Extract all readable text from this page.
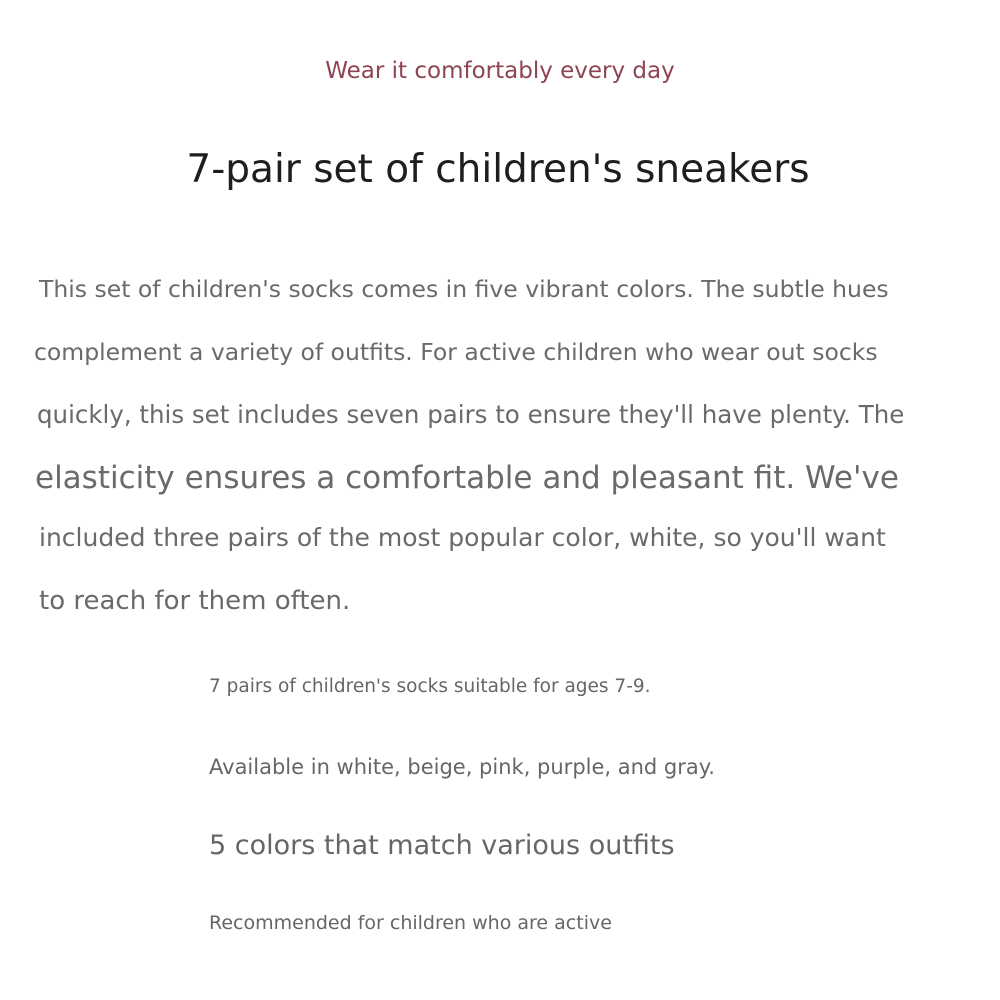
Wear it comfortably every day
7-pair set of children's sneakers
This set of children's socks comes in five vibrant colors. The subtle hues
complement a variety of outfits. For active children who wear out socks
quickly, this set includes seven pairs to ensure they'll have plenty. The
elasticity ensures a comfortable and pleasant fit. We've
included three pairs of the most popular color, white, so you'll want
to reach for them often.
7 pairs of children's socks suitable for ages 7-9.
Available in white, beige, pink, purple, and gray.
5 colors that match various outfits
Recommended for children who are active
